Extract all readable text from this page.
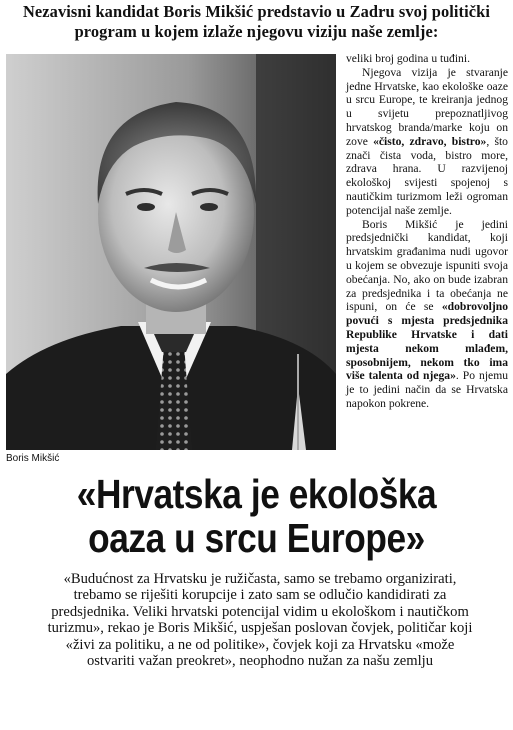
Nezavisni kandidat Boris Mikšić predstavio u Zadru svoj politički program u kojem izlaže njegovu viziju naše zemlje:
Boris Mikšić

veliki broj godina u tuđini.

Njegova vizija je stvaranje jedne Hrvatske, kao ekološke oaze u srcu Europe, te kreiranja jednog u svijetu prepoznatljivog hrvatskog branda/marke koju on zove «čisto, zdravo, bistro», što znači čista voda, bistro more, zdrava hrana. U razvijenoj ekološkoj svijesti spojenoj s nautičkim turizmom leži ogroman potencijal naše zemlje.

Boris Mikšić je jedini predsjednički kandidat, koji hrvatskim građanima nudi ugovor u kojem se obvezuje ispuniti svoja obećanja. No, ako on bude izabran za predsjednika i ta obećanja ne ispuni, on će se «dobrovoljno povući s mjesta predsjednika Republike Hrvatske i dati mjesta nekom mlađem, sposobnijem, nekom tko ima više talenta od njega». Po njemu je to jedini način da se Hrvatska napokon pokrene.

«Hrvatska je ekološka
oaza u srcu Europe»
«Budućnost za Hrvatsku je ružičasta, samo se trebamo organizirati, trebamo se riješiti korupcije i zato sam se odlučio kandidirati za predsjednika. Veliki hrvatski potencijal vidim u ekološkom i nautičkom turizmu», rekao je Boris Mikšić, uspješan poslovan čovjek, političar koji «živi za politiku, a ne od politike», čovjek koji za Hrvatsku «može ostvariti važan preokret», neophodno nužan za našu zemlju
